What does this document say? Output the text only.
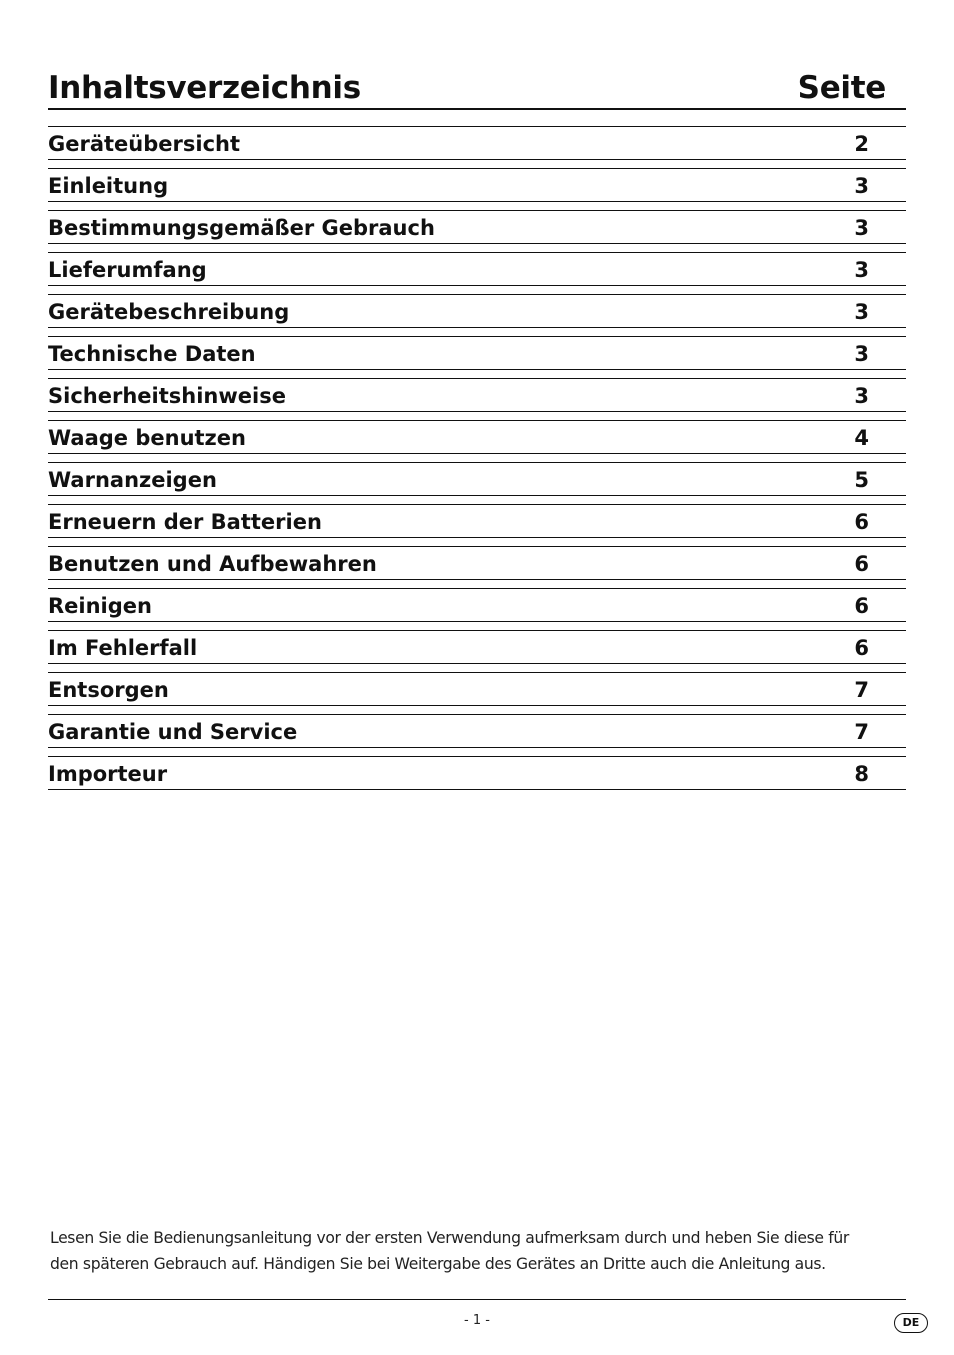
Inhaltsverzeichnis	Seite
Geräteübersicht	2
Einleitung	3
Bestimmungsgemäßer Gebrauch	3
Lieferumfang	3
Gerätebeschreibung	3
Technische Daten	3
Sicherheitshinweise	3
Waage benutzen	4
Warnanzeigen	5
Erneuern der Batterien	6
Benutzen und Aufbewahren	6
Reinigen	6
Im Fehlerfall	6
Entsorgen	7
Garantie und Service	7
Importeur	8

Lesen Sie die Bedienungsanleitung vor der ersten Verwendung aufmerksam durch und heben Sie diese für

den späteren Gebrauch auf. Händigen Sie bei Weitergabe des Gerätes an Dritte auch die Anleitung aus.

- 1 -	DE
